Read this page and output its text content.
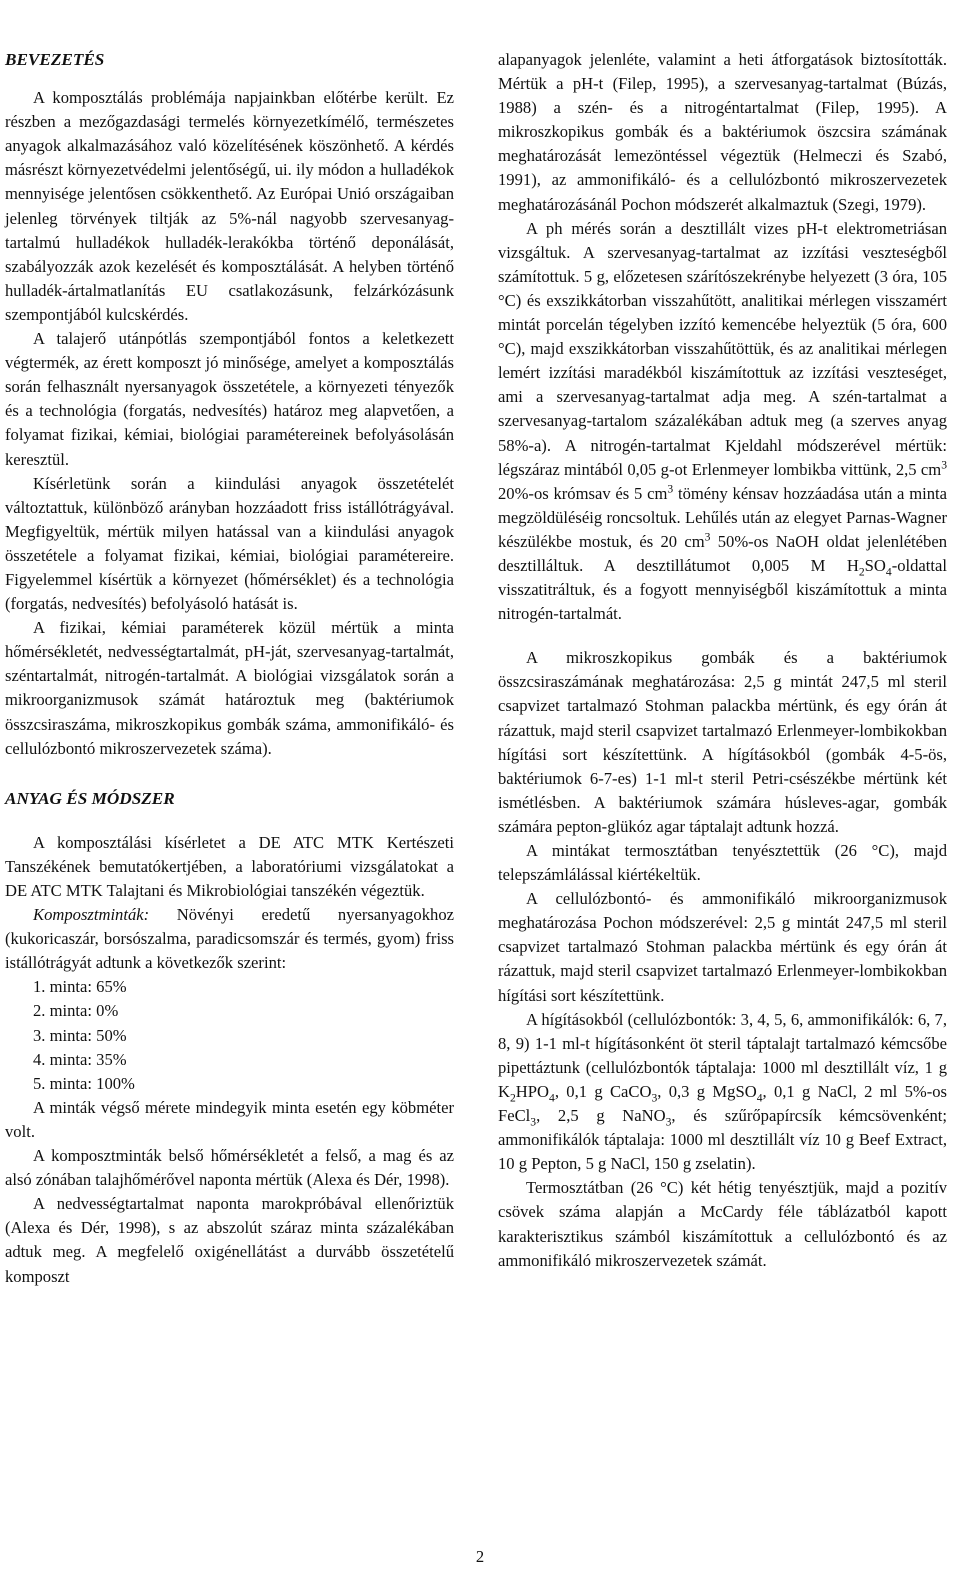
BEVEZETÉS

A komposztálás problémája napjainkban előtérbe került. Ez részben a mezőgazdasági termelés környezetkímélő, természetes anyagok alkalmazásához való közelítésének köszönhető. A kérdés másrészt környezetvédelmi jelentőségű, ui. ily módon a hulladékok mennyisége jelentősen csökkenthető. Az Európai Unió országaiban jelenleg törvények tiltják az 5%-nál nagyobb szervesanyag-tartalmú hulladékok hulladék-lerakókba történő deponálását, szabályozzák azok kezelését és komposztálását. A helyben történő hulladék-ártalmatlanítás EU csatlakozásunk, felzárkózásunk szempontjából kulcskérdés.

A talajerő utánpótlás szempontjából fontos a keletkezett végtermék, az érett komposzt jó minősége, amelyet a komposztálás során felhasznált nyersanyagok összetétele, a környezeti tényezők és a technológia (forgatás, nedvesítés) határoz meg alapvetően, a folyamat fizikai, kémiai, biológiai paramétereinek befolyásolásán keresztül.

Kísérletünk során a kiindulási anyagok összetételét változtattuk, különböző arányban hozzáadott friss istállótrágyával. Megfigyeltük, mértük milyen hatással van a kiindulási anyagok összetétele a folyamat fizikai, kémiai, biológiai paramétereire. Figyelemmel kísértük a környezet (hőmérséklet) és a technológia (forgatás, nedvesítés) befolyásoló hatását is.

A fizikai, kémiai paraméterek közül mértük a minta hőmérsékletét, nedvességtartalmát, pH-ját, szervesanyag-tartalmát, széntartalmát, nitrogén-tartalmát. A biológiai vizsgálatok során a mikroorganizmusok számát határoztuk meg (baktériumok összcsiraszáma, mikroszkopikus gombák száma, ammonifikáló- és cellulózbontó mikroszervezetek száma).

ANYAG ÉS MÓDSZER

A komposztálási kísérletet a DE ATC MTK Kertészeti Tanszékének bemutatókertjében, a laboratóriumi vizsgálatokat a DE ATC MTK Talajtani és Mikrobiológiai tanszékén végeztük.

Komposztminták: Növényi eredetű nyersanyagokhoz (kukoricaszár, borsószalma, paradicsomszár és termés, gyom) friss istállótrágyát adtunk a következők szerint:

1. minta: 65%
2. minta: 0%
3. minta: 50%
4. minta: 35%
5. minta: 100%

A minták végső mérete mindegyik minta esetén egy köbméter volt.

A komposztminták belső hőmérsékletét a felső, a mag és az alsó zónában talajhőmérővel naponta mértük (Alexa és Dér, 1998).

A nedvességtartalmat naponta marokpróbával ellenőriztük (Alexa és Dér, 1998), s az abszolút száraz minta százalékában adtuk meg. A megfelelő oxigénellátást a durvább összetételű komposzt

alapanyagok jelenléte, valamint a heti átforgatások biztosították. Mértük a pH-t (Filep, 1995), a szervesanyag-tartalmat (Búzás, 1988) a szén- és a nitrogéntartalmat (Filep, 1995). A mikroszkopikus gombák és a baktériumok öszcsira számának meghatározását lemezöntéssel végeztük (Helmeczi és Szabó, 1991), az ammonifikáló- és a cellulózbontó mikroszervezetek meghatározásánál Pochon módszerét alkalmaztuk (Szegi, 1979).

A ph mérés során a desztillált vizes pH-t elektrometriásan vizsgáltuk. A szervesanyag-tartalmat az izzítási veszteségből számítottuk. 5 g, előzetesen szárítószekrénybe helyezett (3 óra, 105 °C) és exszikkátorban visszahűtött, analitikai mérlegen visszamért mintát porcelán tégelyben izzító kemencébe helyeztük (5 óra, 600 °C), majd exszikkátorban visszahűtöttük, és az analitikai mérlegen lemért izzítási maradékból kiszámítottuk az izzítási veszteséget, ami a szervesanyag-tartalmat adja meg. A szén-tartalmat a szervesanyag-tartalom százalékában adtuk meg (a szerves anyag 58%-a). A nitrogén-tartalmat Kjeldahl módszerével mértük: légszáraz mintából 0,05 g-ot Erlenmeyer lombikba vittünk, 2,5 $cm^3$ 20%-os krómsav és 5 $cm^3$ tömény kénsav hozzáadása után a minta megzöldüléséig roncsoltuk. Lehűlés után az elegyet Parnas-Wagner készülékbe mostuk, és 20 $cm^3$ 50%-os NaOH oldat jelenlétében desztilláltuk. A desztillátumot 0,005 M $H_2SO_4$-oldattal visszatitráltuk, és a fogyott mennyiségből kiszámítottuk a minta nitrogén-tartalmát.

A mikroszkopikus gombák és a baktériumok összcsiraszámának meghatározása: 2,5 g mintát 247,5 ml steril csapvizet tartalmazó Stohman palackba mértünk, és egy órán át rázattuk, majd steril csapvizet tartalmazó Erlenmeyer-lombikokban hígítási sort készítettünk. A hígításokból (gombák 4-5-ös, baktériumok 6-7-es) 1-1 ml-t steril Petri-csészékbe mértünk két ismétlésben. A baktériumok számára húsleves-agar, gombák számára pepton-glükóz agar táptalajt adtunk hozzá.

A mintákat termosztátban tenyésztettük (26 °C), majd telepszámlálással kiértékeltük.

A cellulózbontó- és ammonifikáló mikroorganizmusok meghatározása Pochon módszerével: 2,5 g mintát 247,5 ml steril csapvizet tartalmazó Stohman palackba mértünk és egy órán át rázattuk, majd steril csapvizet tartalmazó Erlenmeyer-lombikokban hígítási sort készítettünk.

A hígításokból (cellulózbontók: 3, 4, 5, 6, ammonifikálók: 6, 7, 8, 9) 1-1 ml-t hígításonként öt steril táptalajt tartalmazó kémcsőbe pipettáztunk (cellulózbontók táptalaja: 1000 ml desztillált víz, 1 g $K_2HPO_4$, 0,1 g CaCO$_3$, 0,3 g MgSO$_4$, 0,1 g NaCl, 2 ml 5%-os FeCl$_3$, 2,5 g NaNO$_3$, és szűrőpapírcsík kémcsövenként; ammonifikálók táptalaja: 1000 ml desztillált víz 10 g Beef Extract, 10 g Pepton, 5 g NaCl, 150 g zselatin).

Termosztátban (26 °C) két hétig tenyésztjük, majd a pozitív csövek száma alapján a McCardy féle táblázatból kapott karakterisztikus számból kiszámítottuk a cellulózbontó és az ammonifikáló mikroszervezetek számát.

2
